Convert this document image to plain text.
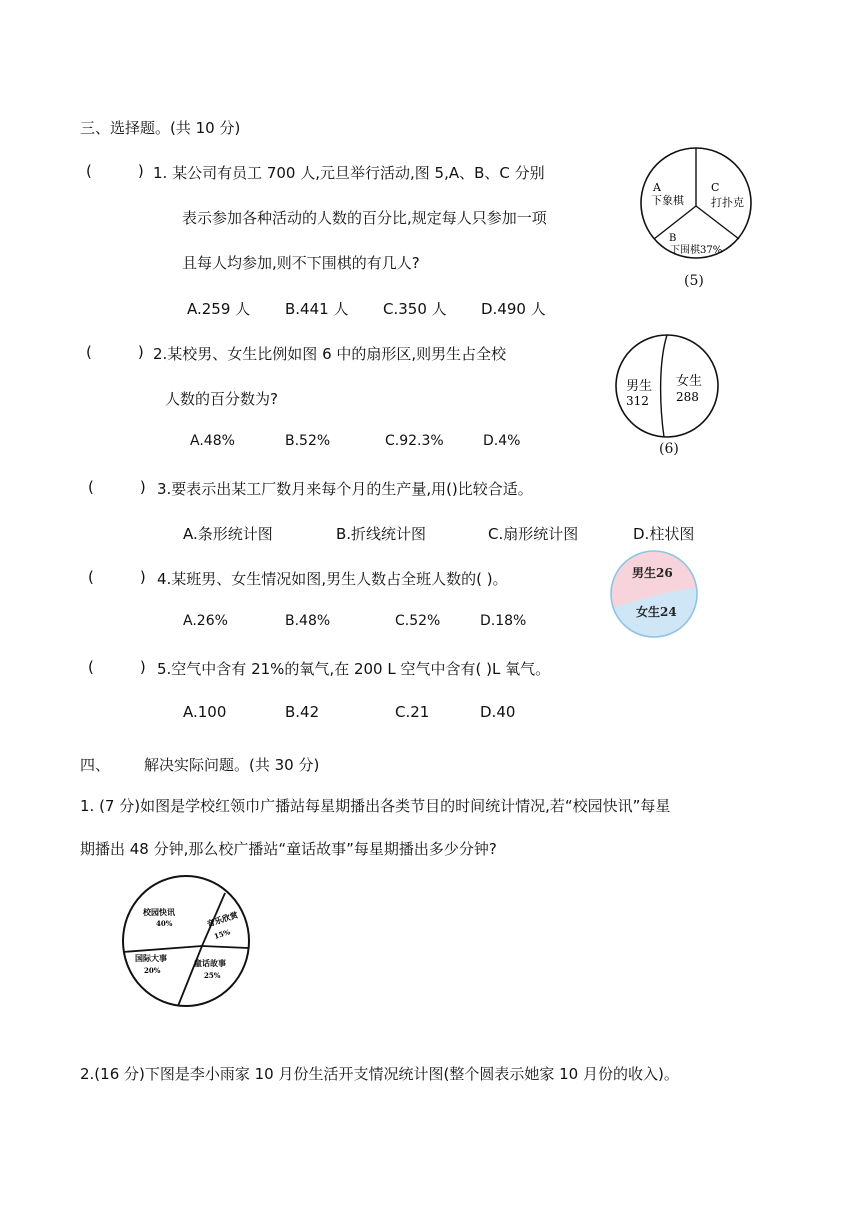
三、选择题。(共 10 分)
(	) 1. 某公司有员工 700 人,元旦举行活动,图 5,A、B、C 分别
表示参加各种活动的人数的百分比,规定每人只参加一项
且每人均参加,则不下围棋的有几人?
A.259 人 B.441 人 C.350 人 D.490 人
A
下象棋
C
打扑克
B
下围棋37%
(5)
(	) 2.某校男、女生比例如图 6 中的扇形区,则男生占全校
人数的百分数为?
A.48%	B.52%	C.92.3%	D.4%
男生
312
女生
288
(6)
(	) 3.要表示出某工厂数月来每个月的生产量,用()比较合适。
A.条形统计图	B.折线统计图	C.扇形统计图	D.柱状图
(	) 4.某班男、女生情况如图,男生人数占全班人数的( )。
A.26%	B.48%	C.52%	D.18%
男生26
女生24
(	) 5.空气中含有 21%的氧气,在 200 L 空气中含有( )L 氧气。
A.100	B.42	C.21	D.40
四、 解决实际问题。(共 30 分)
1. (7 分)如图是学校红领巾广播站每星期播出各类节目的时间统计情况,若“校园快讯”每星
期播出 48 分钟,那么校广播站“童话故事”每星期播出多少分钟?
校园快讯
40%	音乐欣赏
15%
国际大事
20%
童话故事
25%
2.(16 分)下图是李小雨家 10 月份生活开支情况统计图(整个圆表示她家 10 月份的收入)。
